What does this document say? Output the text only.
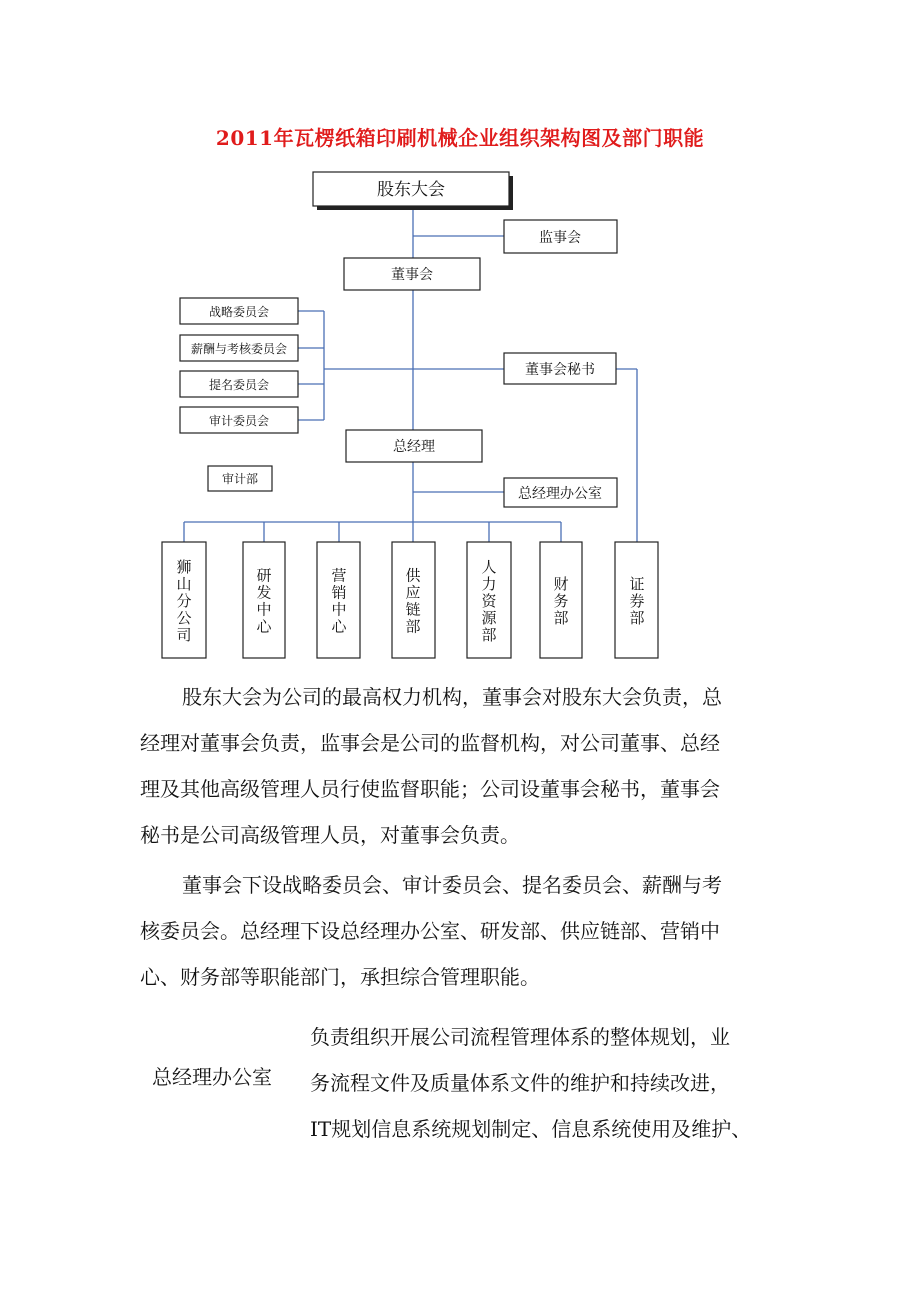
2011年瓦楞纸箱印刷机械企业组织架构图及部门职能
股东大会
监事会
董事会
战略委员会
薪酬与考核委员会
提名委员会
审计委员会
审计部
董事会秘书
总经理
总经理办公室
狮山分公司
研发中心
营销中心
供应链部
人力资源部
财务部
证券部

股东大会为公司的最高权力机构，董事会对股东大会负责，总

经理对董事会负责，监事会是公司的监督机构，对公司董事、总经
理及其他高级管理人员行使监督职能；公司设董事会秘书，董事会
秘书是公司高级管理人员，对董事会负责。

董事会下设战略委员会、审计委员会、提名委员会、薪酬与考

核委员会。总经理下设总经理办公室、研发部、供应链部、营销中
心、财务部等职能部门，承担综合管理职能。
总经理办公室
负责组织开展公司流程管理体系的整体规划，业
务流程文件及质量体系文件的维护和持续改进，
IT规划信息系统规划制定、信息系统使用及维护、
